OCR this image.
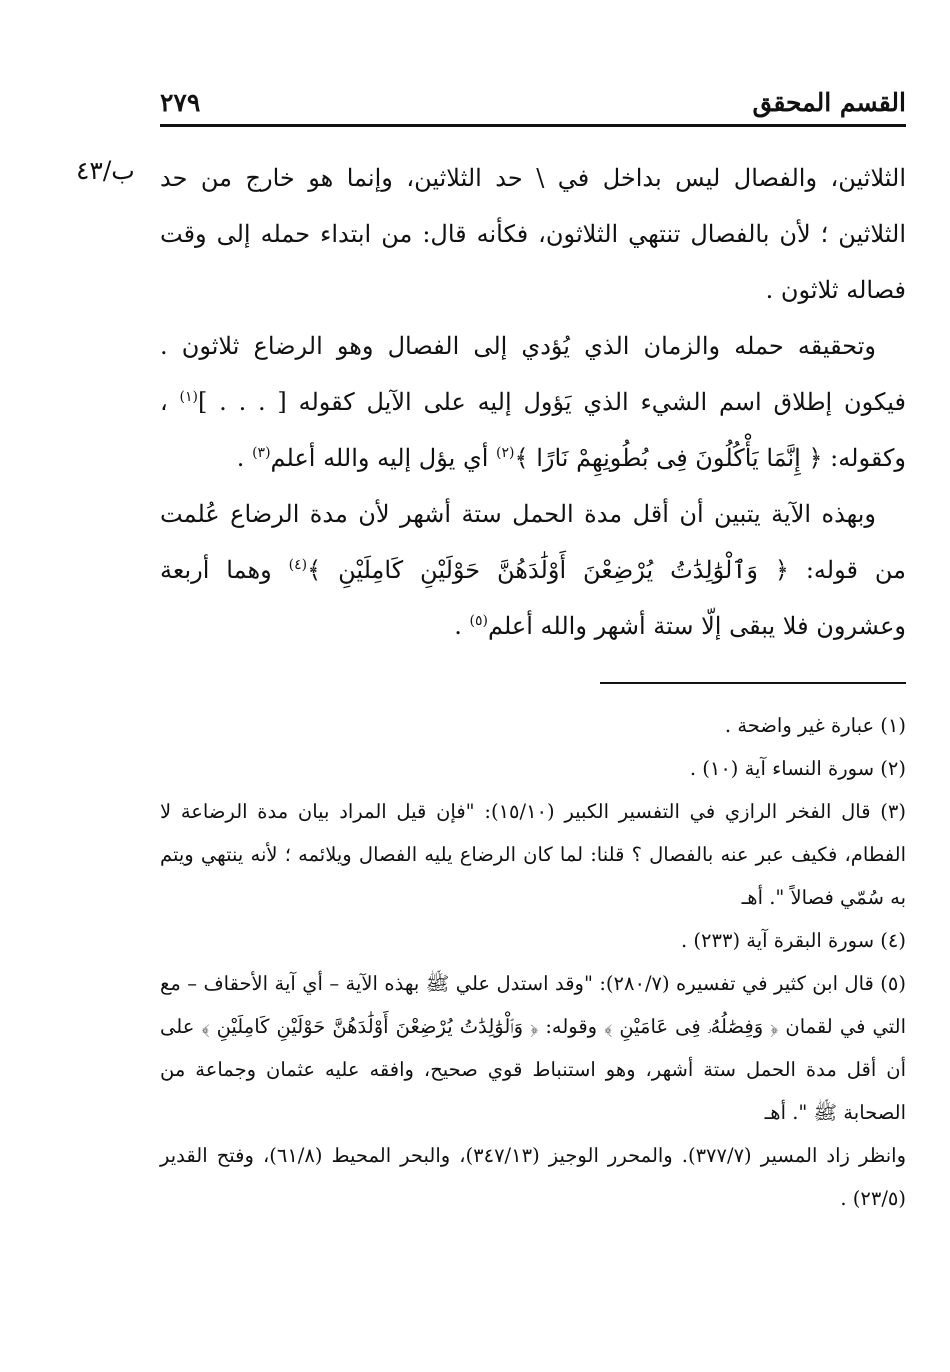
القسم المحقق
٢٧٩
ب/٤٣ الثلاثين، والفصال ليس بداخل في \ حد الثلاثين، وإنما هو خارج من حد الثلاثين ؛ لأن بالفصال تنتهي الثلاثون، فكأنه قال: من ابتداء حمله إلى وقت فصاله ثلاثون .

وتحقيقه حمله والزمان الذي يُؤدي إلى الفصال وهو الرضاع ثلاثون . فيكون إطلاق اسم الشيء الذي يَؤول إليه على الآيل كقوله [ . . . ]$^{(١)}$ ، وكقوله: ﴿ إِنَّمَا يَأْكُلُونَ فِى بُطُونِهِمْ نَارًا ﴾$^{(٢)}$ أي يؤل إليه والله أعلم$^{(٣)}$ .

وبهذه الآية يتبين أن أقل مدة الحمل ستة أشهر لأن مدة الرضاع عُلمت من قوله: ﴿ وَٱلْوَٰلِدَٰتُ يُرْضِعْنَ أَوْلَٰدَهُنَّ حَوْلَيْنِ كَامِلَيْنِ ﴾$^{(٤)}$ وهما أربعة وعشرون فلا يبقى إلّا ستة أشهر والله أعلم$^{(٥)}$ .

(١) عبارة غير واضحة .

(٢) سورة النساء آية (١٠) .

(٣) قال الفخر الرازي في التفسير الكبير (١٥/١٠): "فإن قيل المراد بيان مدة الرضاعة لا الفطام، فكيف عبر عنه بالفصال ؟ قلنا: لما كان الرضاع يليه الفصال ويلائمه ؛ لأنه ينتهي ويتم به سُمّي فصالاً ". أهـ

(٤) سورة البقرة آية (٢٣٣) .

(٥) قال ابن كثير في تفسيره (٢٨٠/٧): "وقد استدل علي ﷺ بهذه الآية – أي آية الأحقاف – مع التي في لقمان ﴿ وَفِصَٰلُهُۥ فِى عَامَيْنِ ﴾ وقوله: ﴿ وَٱلْوَٰلِدَٰتُ يُرْضِعْنَ أَوْلَٰدَهُنَّ حَوْلَيْنِ كَامِلَيْنِ ﴾ على أن أقل مدة الحمل ستة أشهر، وهو استنباط قوي صحيح، وافقه عليه عثمان وجماعة من الصحابة ﷺ ". أهـ

وانظر زاد المسير (٣٧٧/٧). والمحرر الوجيز (٣٤٧/١٣)، والبحر المحيط (٦١/٨)، وفتح القدير (٢٣/٥) .
